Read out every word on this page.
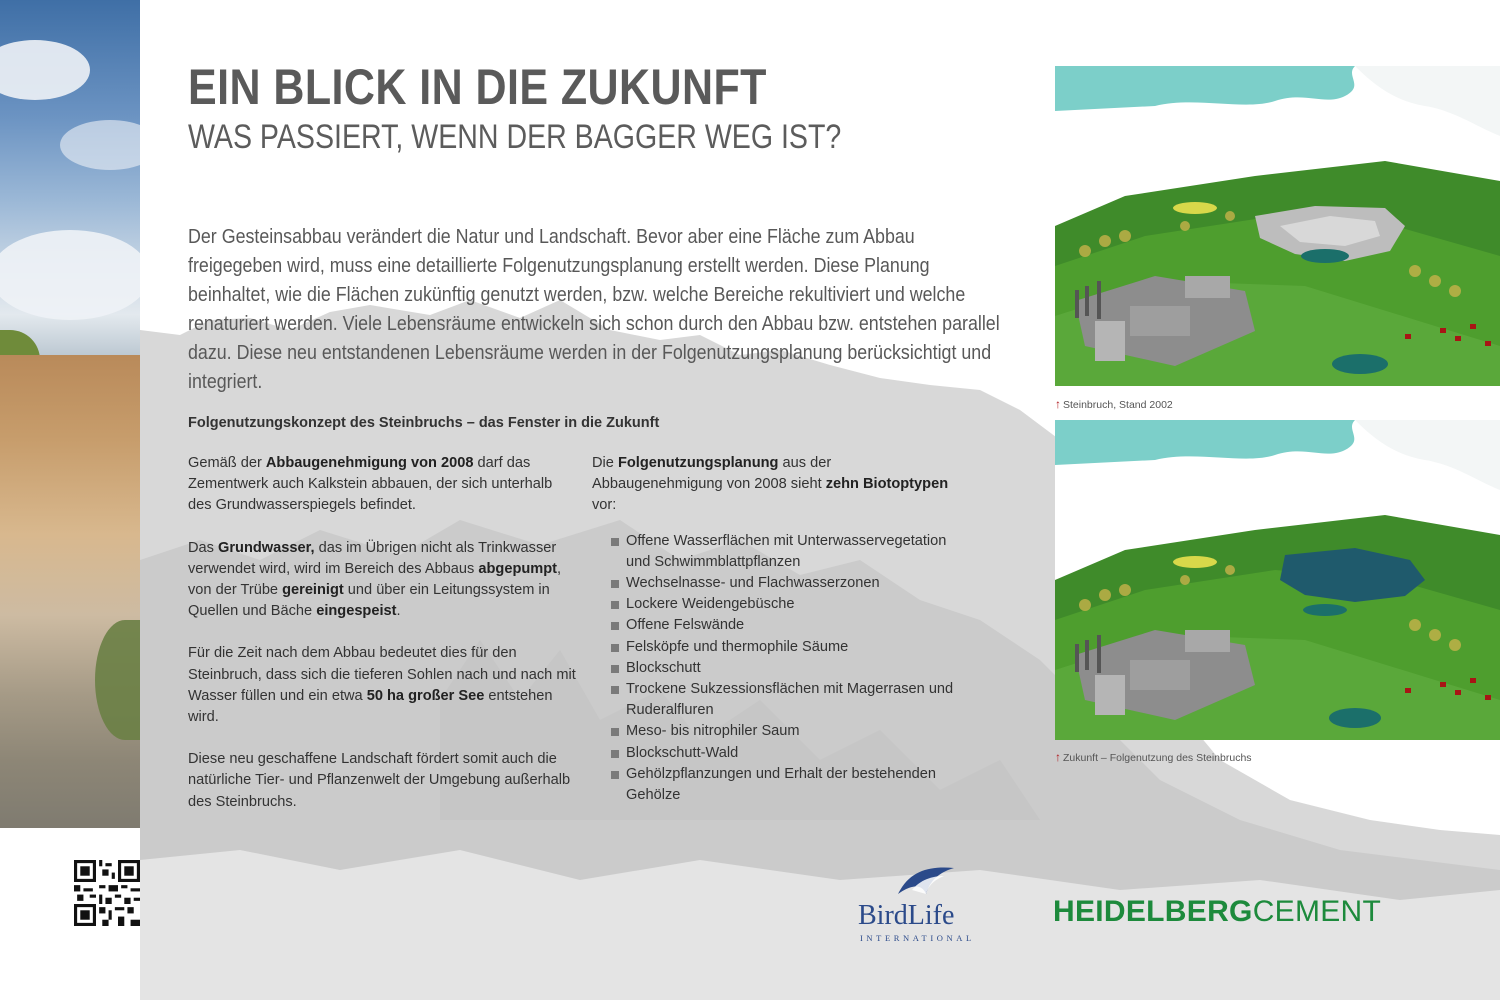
EIN BLICK IN DIE ZUKUNFT
WAS PASSIERT, WENN DER BAGGER WEG IST?

Der Gesteinsabbau verändert die Natur und Landschaft. Bevor aber eine Fläche zum Abbau freigegeben wird, muss eine detaillierte Folgenutzungsplanung erstellt werden. Diese Planung beinhaltet, wie die Flächen zukünftig genutzt werden, bzw. welche Bereiche rekultiviert und welche renaturiert werden. Viele Lebensräume entwickeln sich schon durch den Abbau bzw. entstehen parallel dazu. Diese neu entstandenen Lebensräume werden in der Folgenutzungsplanung berücksichtigt und integriert.

Folgenutzungskonzept des Steinbruchs – das Fenster in die Zukunft

Gemäß der Abbaugenehmigung von 2008 darf das Zementwerk auch Kalkstein abbauen, der sich unterhalb des Grundwasserspiegels befindet.

Das Grundwasser, das im Übrigen nicht als Trinkwasser verwendet wird, wird im Bereich des Abbaus abgepumpt, von der Trübe gereinigt und über ein Leitungssystem in Quellen und Bäche eingespeist.

Für die Zeit nach dem Abbau bedeutet dies für den Steinbruch, dass sich die tieferen Sohlen nach und nach mit Wasser füllen und ein etwa 50 ha großer See entstehen wird.

Diese neu geschaffene Landschaft fördert somit auch die natürliche Tier- und Pflanzenwelt der Umgebung außerhalb des Steinbruchs.

Die Folgenutzungsplanung aus der Abbaugenehmigung von 2008 sieht zehn Biotoptypen vor:

Offene Wasserflächen mit Unterwasservegetation und Schwimmblattpflanzen
Wechselnasse- und Flachwasserzonen
Lockere Weidengebüsche
Offene Felswände
Felsköpfe und thermophile Säume
Blockschutt
Trockene Sukzessionsflächen mit Magerrasen und Ruderalfluren
Meso- bis nitrophiler Saum
Blockschutt-Wald
Gehölzpflanzungen und Erhalt der bestehenden Gehölze
↑ Steinbruch, Stand 2002
↑ Zukunft – Folgenutzung des Steinbruchs
BirdLife
INTERNATIONAL
HEIDELBERGCEMENT
